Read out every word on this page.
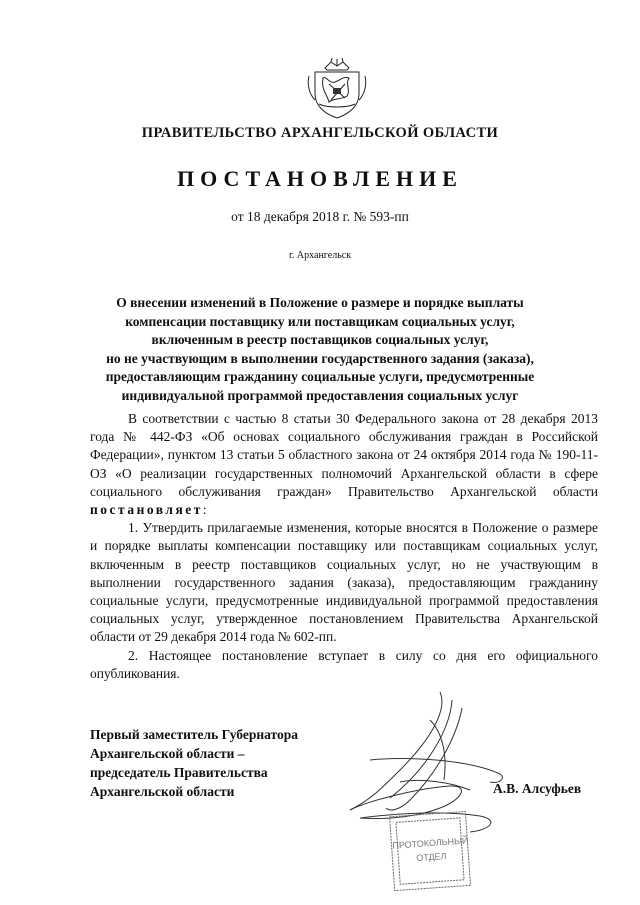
ПРАВИТЕЛЬСТВО АРХАНГЕЛЬСКОЙ ОБЛАСТИ
ПОСТАНОВЛЕНИЕ
от 18 декабря 2018 г. № 593-пп
г. Архангельск
О внесении изменений в Положение о размере и порядке выплаты
компенсации поставщику или поставщикам социальных услуг,
включенным в реестр поставщиков социальных услуг,
но не участвующим в выполнении государственного задания (заказа),
предоставляющим гражданину социальные услуги, предусмотренные
индивидуальной программой предоставления социальных услуг

В соответствии с частью 8 статьи 30 Федерального закона от 28 декабря 2013 года № 442-ФЗ «Об основах социального обслуживания граждан в Российской Федерации», пунктом 13 статьи 5 областного закона от 24 октября 2014 года № 190-11-ОЗ «О реализации государственных полномочий Архангельской области в сфере социального обслуживания граждан» Правительство Архангельской области постановляет:

1. Утвердить прилагаемые изменения, которые вносятся в Положение о размере и порядке выплаты компенсации поставщику или поставщикам социальных услуг, включенным в реестр поставщиков социальных услуг, но не участвующим в выполнении государственного задания (заказа), предоставляющим гражданину социальные услуги, предусмотренные индивидуальной программой предоставления социальных услуг, утвержденное постановлением Правительства Архангельской области от 29 декабря 2014 года № 602-пп.

2. Настоящее постановление вступает в силу со дня его официального опубликования.

Первый заместитель Губернатора
Архангельской области –
председатель Правительства
Архангельской области
ПРОТОКОЛЬНЫЙ
ОТДЕЛ
А.В. Алсуфьев
